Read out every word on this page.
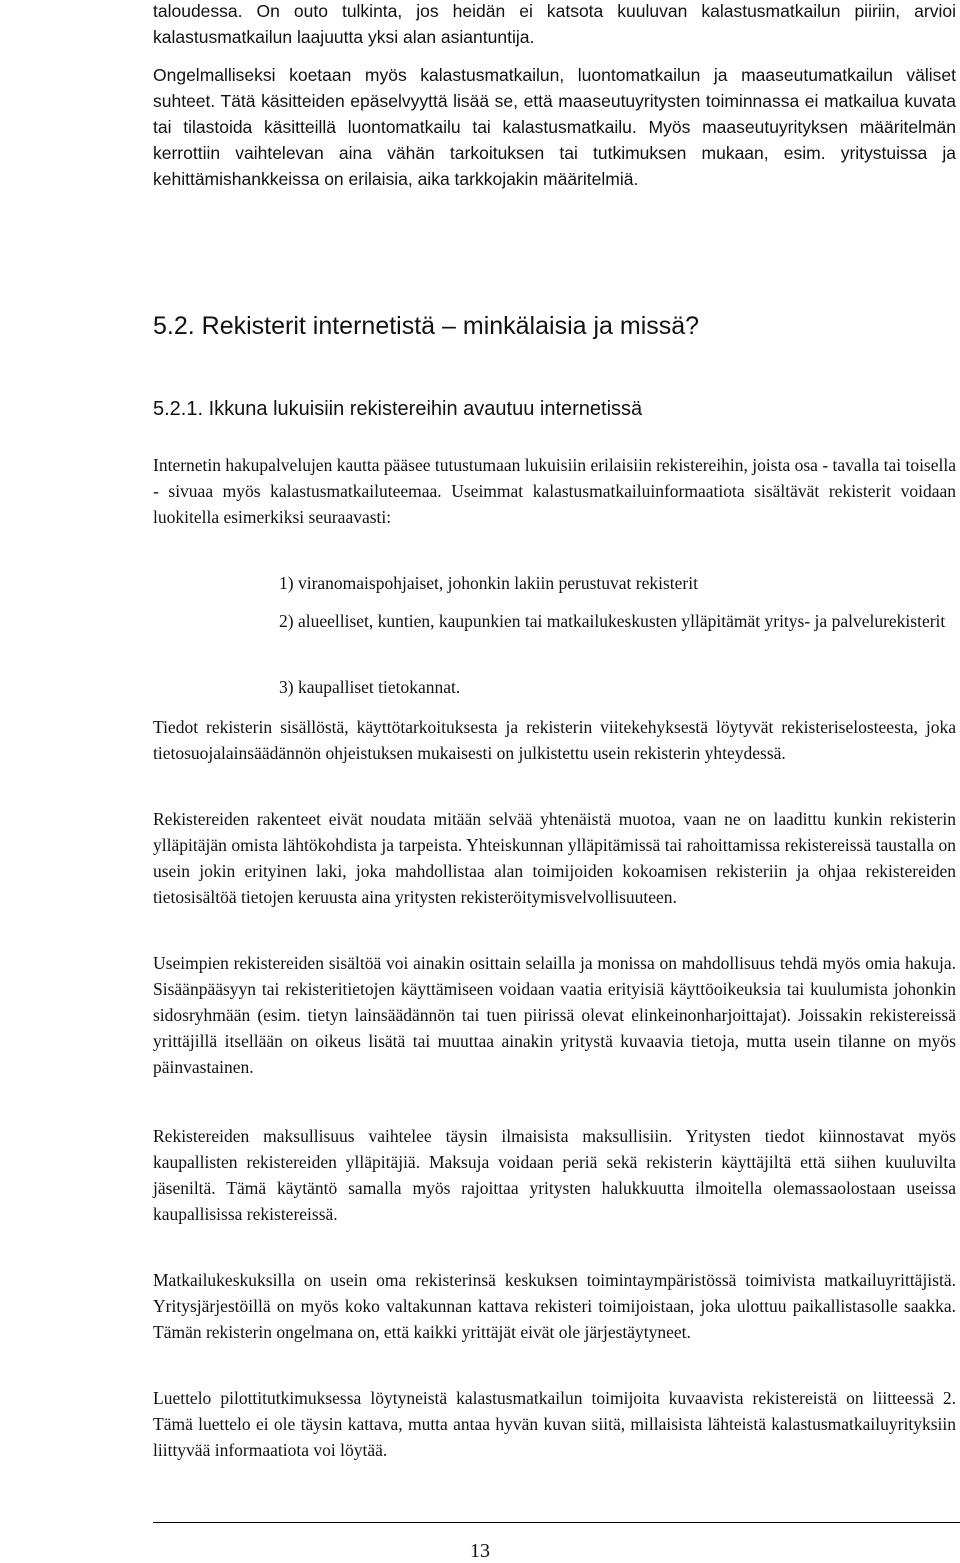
taloudessa. On outo tulkinta, jos heidän ei katsota kuuluvan kalastusmatkailun piiriin, arvioi kalastusmatkailun laajuutta yksi alan asiantuntija.

Ongelmalliseksi koetaan myös kalastusmatkailun, luontomatkailun ja maaseutumatkailun väliset suhteet. Tätä käsitteiden epäselvyyttä lisää se, että maaseutuyritysten toiminnassa ei matkailua kuvata tai tilastoida käsitteillä luontomatkailu tai kalastusmatkailu. Myös maaseutuyrityksen määritelmän kerrottiin vaihtelevan aina vähän tarkoituksen tai tutkimuksen mukaan, esim. yritystuissa ja kehittämishankkeissa on erilaisia, aika tarkkojakin määritelmiä.

5.2. Rekisterit internetistä – minkälaisia ja missä?
5.2.1. Ikkuna lukuisiin rekistereihin avautuu internetissä

Internetin hakupalvelujen kautta pääsee tutustumaan lukuisiin erilaisiin rekistereihin, joista osa - tavalla tai toisella - sivuaa myös kalastusmatkailuteemaa. Useimmat kalastusmatkailuinformaatiota sisältävät rekisterit voidaan luokitella esimerkiksi seuraavasti:

1) viranomaispohjaiset, johonkin lakiin perustuvat rekisterit

2) alueelliset, kuntien, kaupunkien tai matkailukeskusten ylläpitämät yritys- ja palvelurekisterit

3) kaupalliset tietokannat.

Tiedot rekisterin sisällöstä, käyttötarkoituksesta ja rekisterin viitekehyksestä löytyvät rekisteriselosteesta, joka tietosuojalainsäädännön ohjeistuksen mukaisesti on julkistettu usein rekisterin yhteydessä.

Rekistereiden rakenteet eivät noudata mitään selvää yhtenäistä muotoa, vaan ne on laadittu kunkin rekisterin ylläpitäjän omista lähtökohdista ja tarpeista. Yhteiskunnan ylläpitämissä tai rahoittamissa rekistereissä taustalla on usein jokin erityinen laki, joka mahdollistaa alan toimijoiden kokoamisen rekisteriin ja ohjaa rekistereiden tietosisältöä tietojen keruusta aina yritysten rekisteröitymisvelvollisuuteen.

Useimpien rekistereiden sisältöä voi ainakin osittain selailla ja monissa on mahdollisuus tehdä myös omia hakuja. Sisäänpääsyyn tai rekisteritietojen käyttämiseen voidaan vaatia erityisiä käyttöoikeuksia tai kuulumista johonkin sidosryhmään (esim. tietyn lainsäädännön tai tuen piirissä olevat elinkeinonharjoittajat). Joissakin rekistereissä yrittäjillä itsellään on oikeus lisätä tai muuttaa ainakin yritystä kuvaavia tietoja, mutta usein tilanne on myös päinvastainen.

Rekistereiden maksullisuus vaihtelee täysin ilmaisista maksullisiin. Yritysten tiedot kiinnostavat myös kaupallisten rekistereiden ylläpitäjiä. Maksuja voidaan periä sekä rekisterin käyttäjiltä että siihen kuuluvilta jäseniltä. Tämä käytäntö samalla myös rajoittaa yritysten halukkuutta ilmoitella olemassaolostaan useissa kaupallisissa rekistereissä.

Matkailukeskuksilla on usein oma rekisterinsä keskuksen toimintaympäristössä toimivista matkailuyrittäjistä. Yritysjärjestöillä on myös koko valtakunnan kattava rekisteri toimijoistaan, joka ulottuu paikallistasolle saakka. Tämän rekisterin ongelmana on, että kaikki yrittäjät eivät ole järjestäytyneet.

Luettelo pilottitutkimuksessa löytyneistä kalastusmatkailun toimijoita kuvaavista rekistereistä on liitteessä 2. Tämä luettelo ei ole täysin kattava, mutta antaa hyvän kuvan siitä, millaisista lähteistä kalastusmatkailuyrityksiin liittyvää informaatiota voi löytää.

13
